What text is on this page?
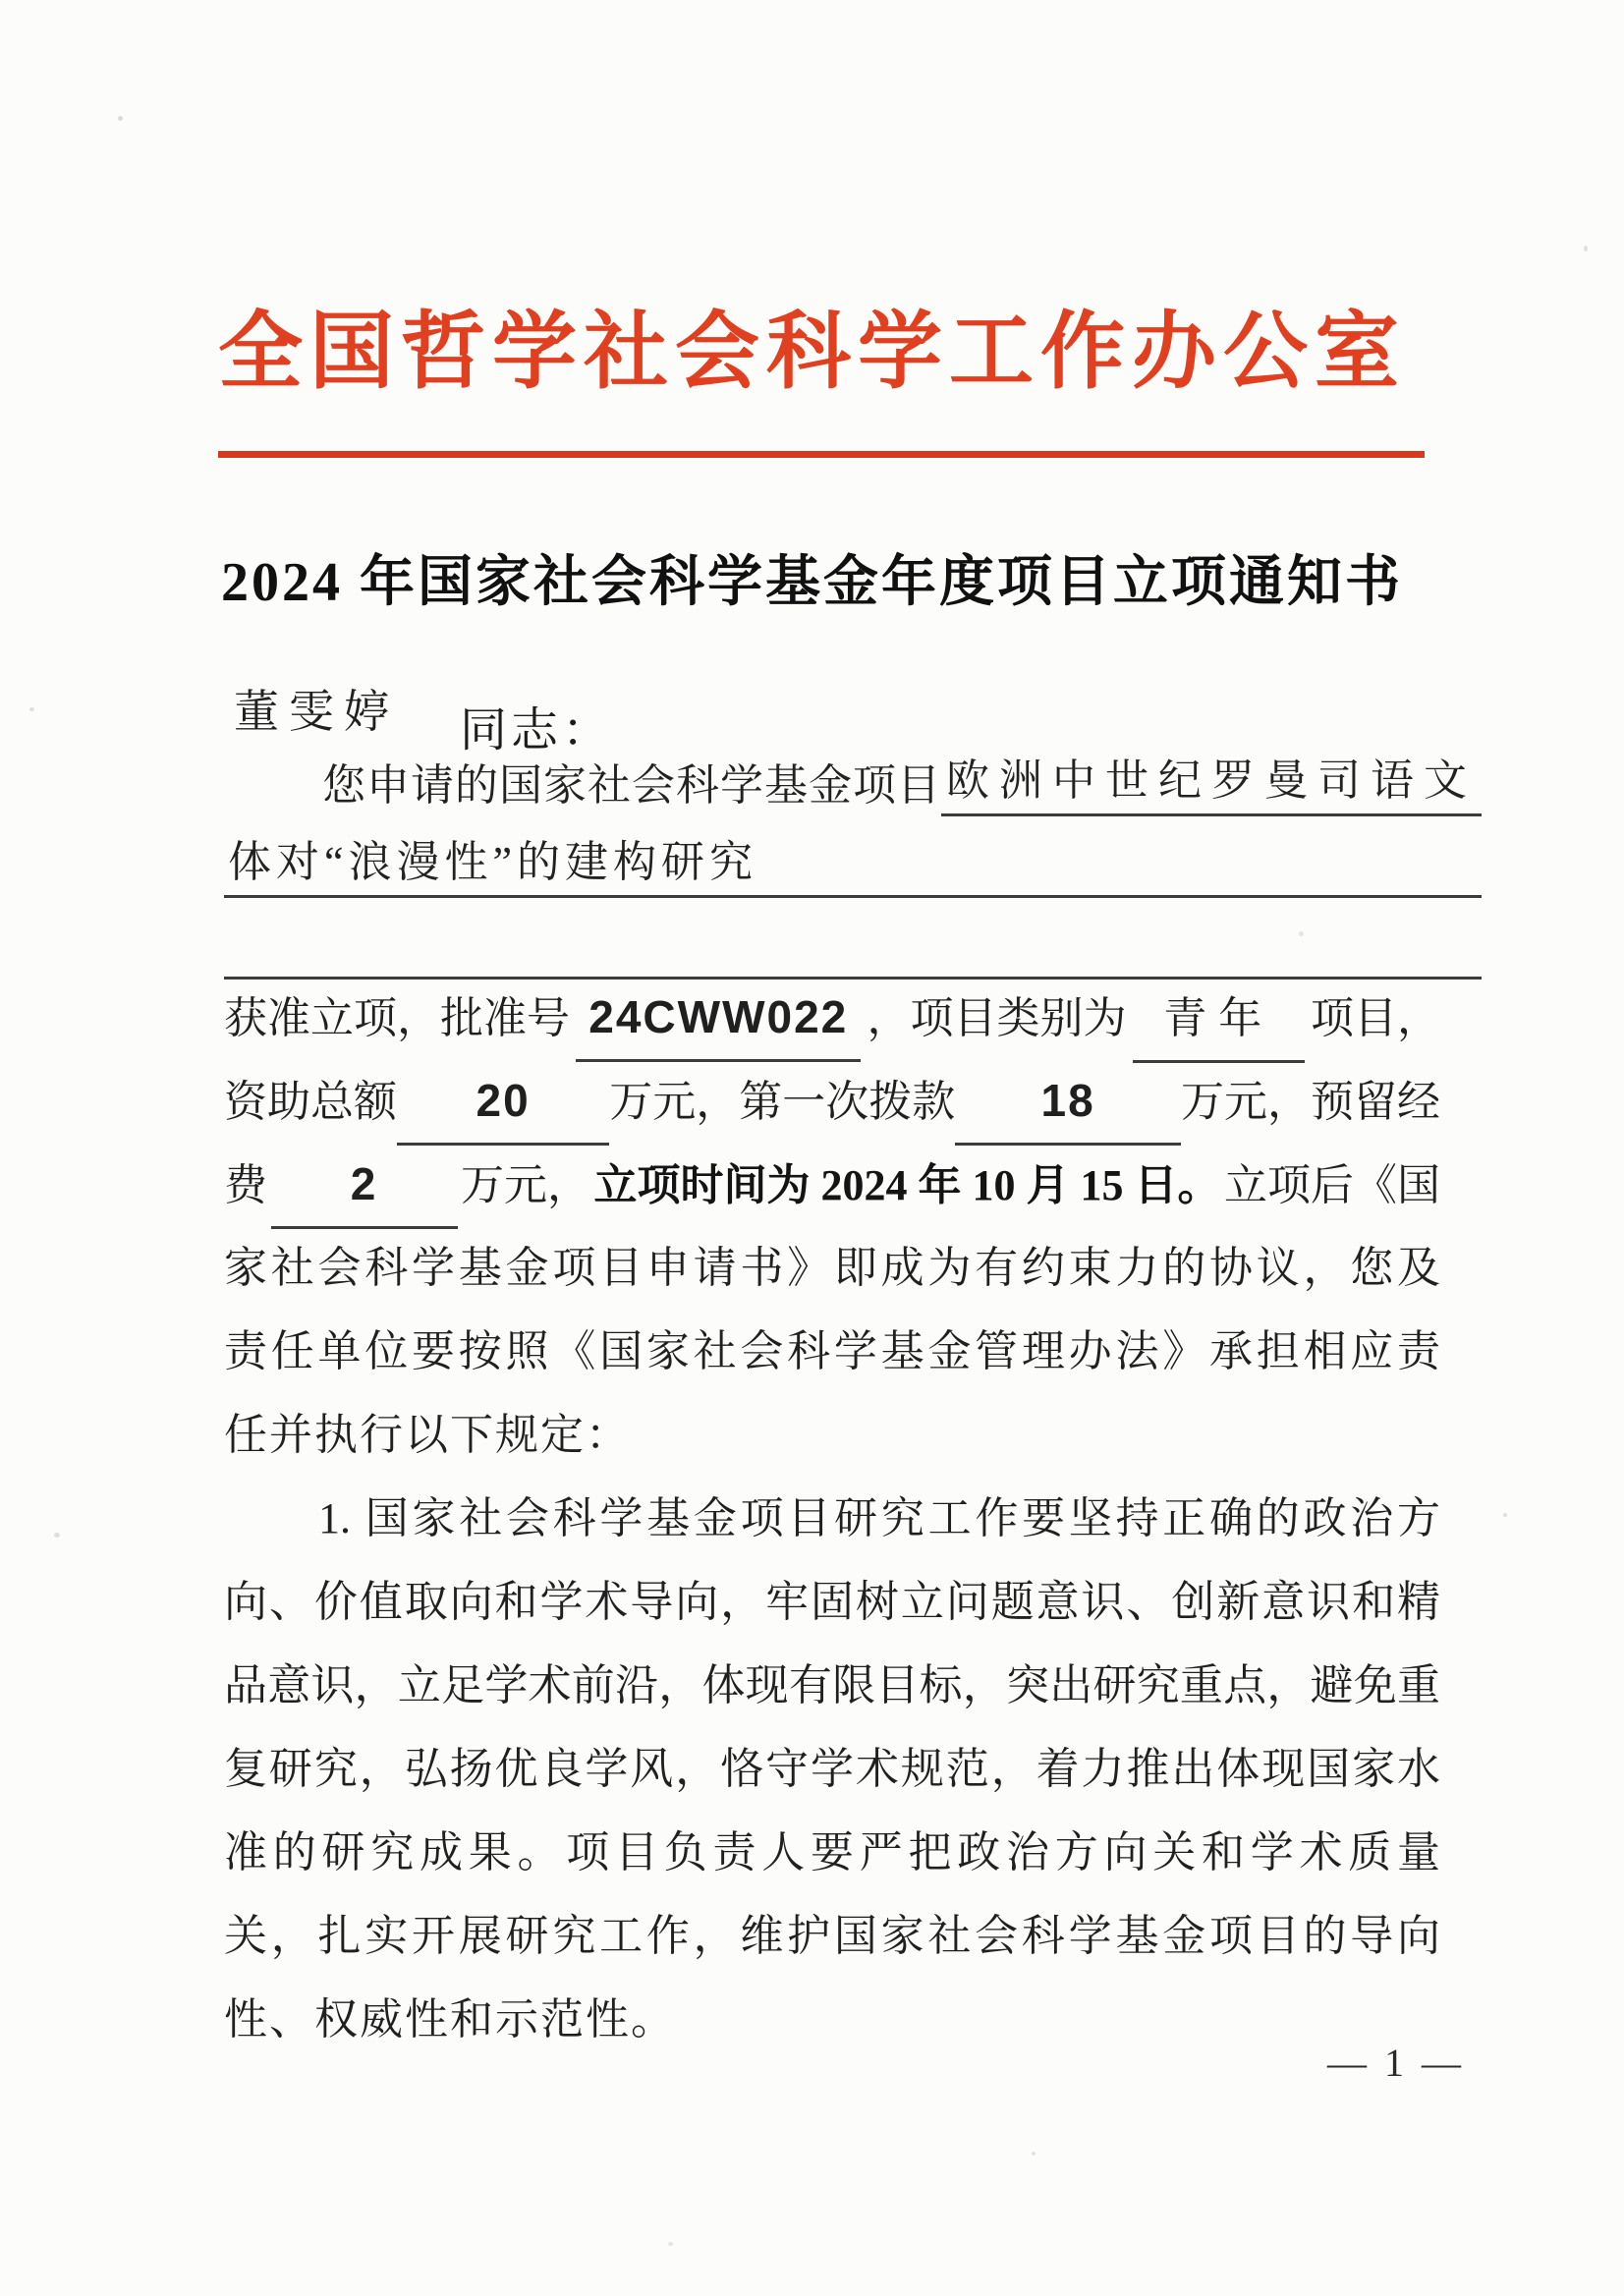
全国哲学社会科学工作办公室
2024 年国家社会科学基金年度项目立项通知书
董雯婷 同志：
您申请的国家社会科学基金项目 欧洲中世纪罗曼司语文
体对“浪漫性”的建构研究
获准立项，批准号 24CWW022 ，项目类别为 青年 项目，
资助总额	20	万元，第一次拨款	18	万元，预留经
费	2	万元， 立项时间为 2024 年 10 月 15 日。 立项后《国
家社会科学基金项目申请书》即成为有约束力的协议，您及
责任单位要按照《国家社会科学基金管理办法》承担相应责
任并执行以下规定：
1. 国家社会科学基金项目研究工作要坚持正确的政治方
向、价值取向和学术导向，牢固树立问题意识、创新意识和精
品意识，立足学术前沿，体现有限目标，突出研究重点，避免重
复研究，弘扬优良学风，恪守学术规范，着力推出体现国家水
准的研究成果。项目负责人要严把政治方向关和学术质量
关，扎实开展研究工作，维护国家社会科学基金项目的导向
性、权威性和示范性。
— 1 —
